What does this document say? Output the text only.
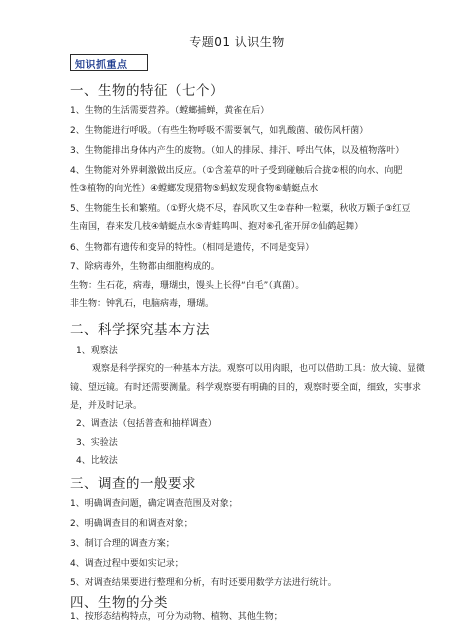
专题01 认识生物
知识抓重点
一、生物的特征（七个）
1、生物的生活需要营养。（螳螂捕蝉，黄雀在后）
2、生物能进行呼吸。（有些生物呼吸不需要氧气，如乳酸菌、破伤风杆菌）
3、生物能排出身体内产生的废物。（如人的排尿、排汗、呼出气体，以及植物落叶）
4、生物能对外界刺激做出反应。（①含羞草的叶子受到碰触后合拢②根的向水、向肥
性③植物的向光性）④螳螂发现猎物⑤蚂蚁发现食物⑥蜻蜓点水
5、生物能生长和繁殖。（①野火烧不尽，春风吹又生②春种一粒粟，秋收万颗子③红豆
生南国，春来发几枝④蜻蜓点水⑤青蛙鸣叫、抱对⑥孔雀开屏⑦仙鹤起舞）
6、生物都有遗传和变异的特性。（相同是遗传，不同是变异）
7、除病毒外，生物都由细胞构成的。
生物：生石花，病毒，珊瑚虫，馒头上长得“白毛”（真菌）。
非生物：钟乳石，电脑病毒，珊瑚。
二、科学探究基本方法
1、观察法
观察是科学探究的一种基本方法。观察可以用肉眼，也可以借助工具：放大镜、显微
镜、望远镜。有时还需要测量。科学观察要有明确的目的，观察时要全面，细致，实事求
是，并及时记录。
2、调查法（包括普查和抽样调查）
3、实验法
4、比较法
三、调查的一般要求
1、明确调查问题，确定调查范围及对象；
2、明确调查目的和调查对象；
3、制订合理的调查方案；
4、调查过程中要如实记录；
5、对调查结果要进行整理和分析，有时还要用数学方法进行统计。
四、生物的分类
1、按形态结构特点，可分为动物、植物、其他生物；
